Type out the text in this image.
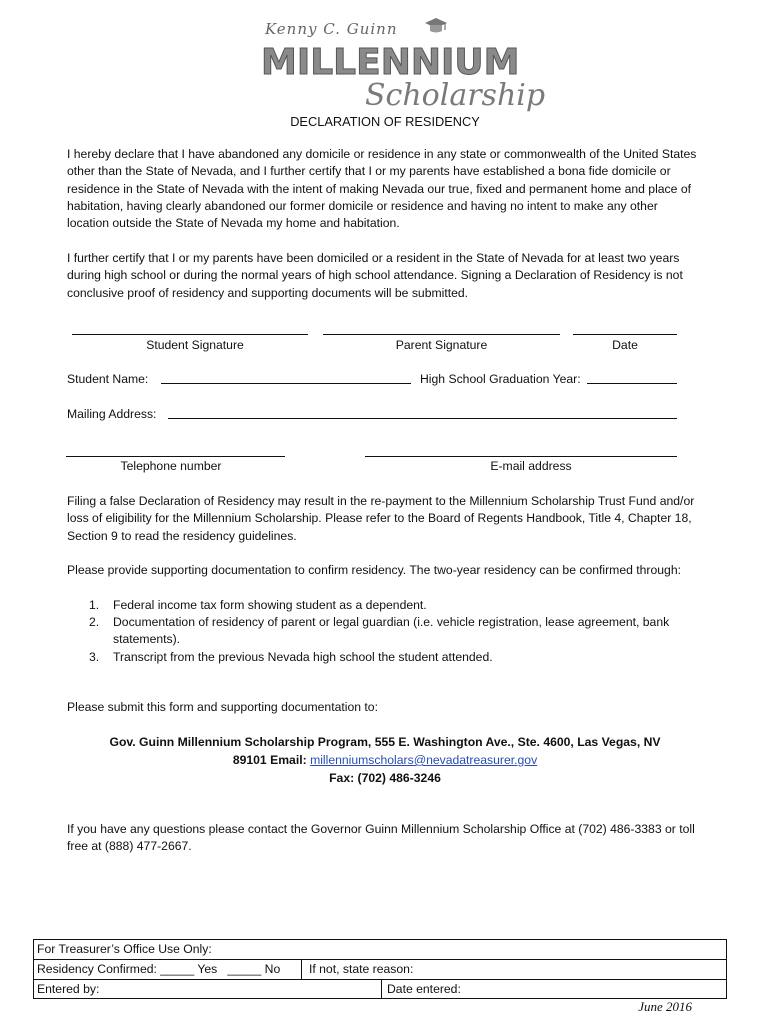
Kenny C. Guinn
MILLENNIUM
Scholarship
DECLARATION OF RESIDENCY
I hereby declare that I have abandoned any domicile or residence in any state or commonwealth of the United States other than the State of Nevada, and I further certify that I or my parents have established a bona fide domicile or residence in the State of Nevada with the intent of making Nevada our true, fixed and permanent home and place of habitation, having clearly abandoned our former domicile or residence and having no intent to make any other location outside the State of Nevada my home and habitation.
I further certify that I or my parents have been domiciled or a resident in the State of Nevada for at least two years during high school or during the normal years of high school attendance. Signing a Declaration of Residency is not conclusive proof of residency and supporting documents will be submitted.
Student Signature	Parent Signature	Date
Student Name:	High School Graduation Year:
Mailing Address:
Telephone number	E-mail address
Filing a false Declaration of Residency may result in the re-payment to the Millennium Scholarship Trust Fund and/or loss of eligibility for the Millennium Scholarship. Please refer to the Board of Regents Handbook, Title 4, Chapter 18, Section 9 to read the residency guidelines.
Please provide supporting documentation to confirm residency. The two-year residency can be confirmed through:
1. Federal income tax form showing student as a dependent.
2. Documentation of residency of parent or legal guardian (i.e. vehicle registration, lease agreement, bank statements).
3. Transcript from the previous Nevada high school the student attended.
Please submit this form and supporting documentation to:
Gov. Guinn Millennium Scholarship Program, 555 E. Washington Ave., Ste. 4600, Las Vegas, NV
89101 Email: millenniumscholars@nevadatreasurer.gov
Fax: (702) 486-3246
If you have any questions please contact the Governor Guinn Millennium Scholarship Office at (702) 486-3383 or toll free at (888) 477-2667.
For Treasurer’s Office Use Only:
Residency Confirmed: _____ Yes   _____ No If not, state reason:
Entered by:	Date entered:
June 2016
